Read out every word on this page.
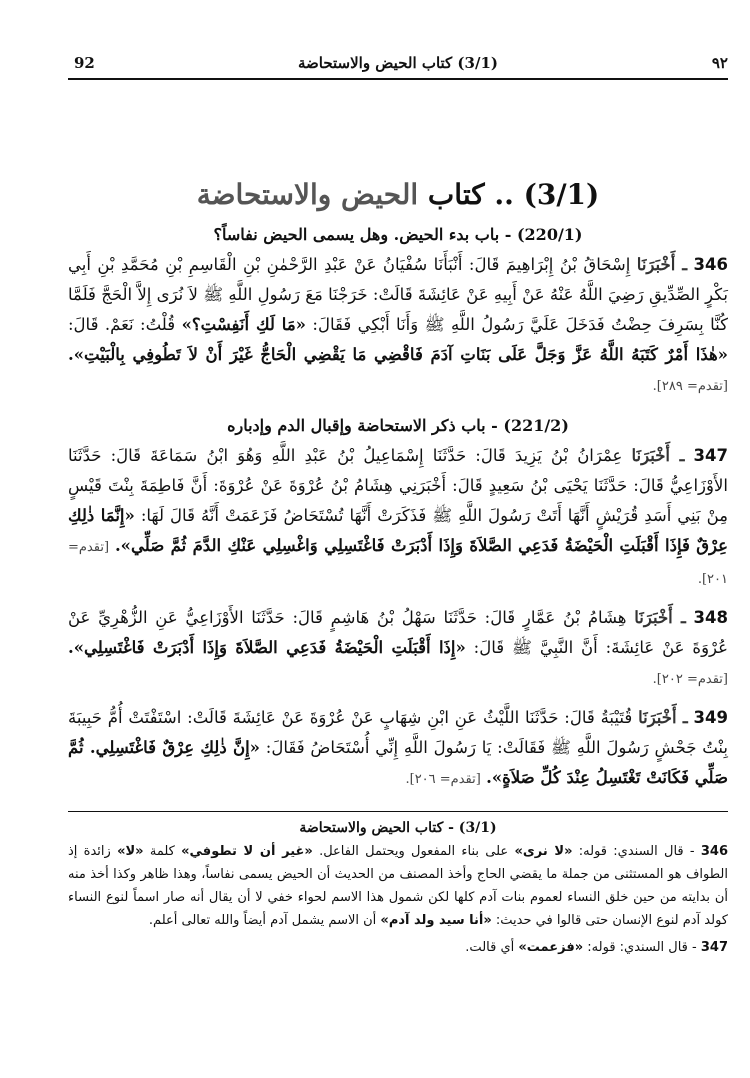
٩٢
(3/1) كتاب الحيض والاستحاضة
92
(3/1) .. كتاب الحيض والاستحاضة
(220/1) - باب بدء الحيض. وهل يسمى الحيض نفاساً؟

346 ـ أَخْبَرَنَا إِسْحَاقُ بْنُ إِبْرَاهِيمَ قَالَ: أَنْبَأَنَا سُفْيَانُ عَنْ عَبْدِ الرَّحْمٰنِ بْنِ الْقَاسِمِ بْنِ مُحَمَّدِ بْنِ أَبِي بَكْرٍ الصِّدِّيقِ رَضِيَ اللَّهُ عَنْهُ عَنْ أَبِيهِ عَنْ عَائِشَةَ قَالَتْ: خَرَجْنَا مَعَ رَسُولِ اللَّهِ ﷺ لاَ نُرَى إِلاَّ الْحَجَّ فَلَمَّا كُنَّا بِسَرِفَ حِضْتُ فَدَخَلَ عَلَيَّ رَسُولُ اللَّهِ ﷺ وَأَنَا أَبْكِي فَقَالَ: «مَا لَكِ أَنَفِسْتِ؟» قُلْتُ: نَعَمْ. قَالَ: «هٰذَا أَمْرٌ كَتَبَهُ اللَّهُ عَزَّ وَجَلَّ عَلَى بَنَاتِ آدَمَ فَاقْضِي مَا يَقْضِي الْحَاجُّ غَيْرَ أَنْ لاَ تَطُوفِي بِالْبَيْتِ». [تقدم= ٢٨٩].

(221/2) - باب ذكر الاستحاضة وإقبال الدم وإدباره

347 ـ أَخْبَرَنَا عِمْرَانُ بْنُ يَزِيدَ قَالَ: حَدَّثَنَا إِسْمَاعِيلُ بْنُ عَبْدِ اللَّهِ وَهُوَ ابْنُ سَمَاعَةَ قَالَ: حَدَّثَنَا الأَوْزَاعِيُّ قَالَ: حَدَّثَنَا يَحْيَى بْنُ سَعِيدٍ قَالَ: أَخْبَرَنِي هِشَامُ بْنُ عُرْوَةَ عَنْ عُرْوَةَ: أَنَّ فَاطِمَةَ بِنْتَ قَيْسٍ مِنْ بَنِي أَسَدِ قُرَيْشٍ أَنَّهَا أَتَتْ رَسُولَ اللَّهِ ﷺ فَذَكَرَتْ أَنَّهَا تُسْتَحَاضُ فَزَعَمَتْ أَنَّهُ قَالَ لَهَا: «إِنَّمَا ذٰلِكِ عِرْقٌ فَإِذَا أَقْبَلَتِ الْحَيْضَةُ فَدَعِي الصَّلاَةَ وَإِذَا أَدْبَرَتْ فَاغْتَسِلِي وَاغْسِلِي عَنْكِ الدَّمَ ثُمَّ صَلِّي». [تقدم= ٢٠١].

348 ـ أَخْبَرَنَا هِشَامُ بْنُ عَمَّارٍ قَالَ: حَدَّثَنَا سَهْلُ بْنُ هَاشِمٍ قَالَ: حَدَّثَنَا الأَوْزَاعِيُّ عَنِ الزُّهْرِيِّ عَنْ عُرْوَةَ عَنْ عَائِشَةَ: أَنَّ النَّبِيَّ ﷺ قَالَ: «إِذَا أَقْبَلَتِ الْحَيْضَةُ فَدَعِي الصَّلاَةَ وَإِذَا أَدْبَرَتْ فَاغْتَسِلِي». [تقدم= ٢٠٢].

349 ـ أَخْبَرَنَا قُتَيْبَةُ قَالَ: حَدَّثَنَا اللَّيْثُ عَنِ ابْنِ شِهَابٍ عَنْ عُرْوَةَ عَنْ عَائِشَةَ قَالَتْ: اسْتَفْتَتْ أُمُّ حَبِيبَةَ بِنْتُ جَحْشٍ رَسُولَ اللَّهِ ﷺ فَقَالَتْ: يَا رَسُولَ اللَّهِ إِنِّي أُسْتَحَاضُ فَقَالَ: «إِنَّ ذٰلِكِ عِرْقٌ فَاغْتَسِلِي. ثُمَّ صَلِّي فَكَانَتْ تَغْتَسِلُ عِنْدَ كُلِّ صَلاَةٍ». [تقدم= ٢٠٦].

(3/1) - كتاب الحيض والاستحاضة

346 - قال السندي: قوله: «لا نرى» على بناء المفعول ويحتمل الفاعل. «غير أن لا تطوفي» كلمة «لا» زائدة إذ الطواف هو المستثنى من جملة ما يقضي الحاج وأخذ المصنف من الحديث أن الحيض يسمى نفاساً، وهذا ظاهر وكذا أخذ منه أن بدايته من حين خلق النساء لعموم بنات آدم كلها لكن شمول هذا الاسم لحواء خفي لا أن يقال أنه صار اسماً لنوع النساء كولد آدم لنوع الإنسان حتى قالوا في حديث: «أنا سيد ولد آدم» أن الاسم يشمل آدم أيضاً والله تعالى أعلم.

347 - قال السندي: قوله: «فزعمت» أي قالت.
